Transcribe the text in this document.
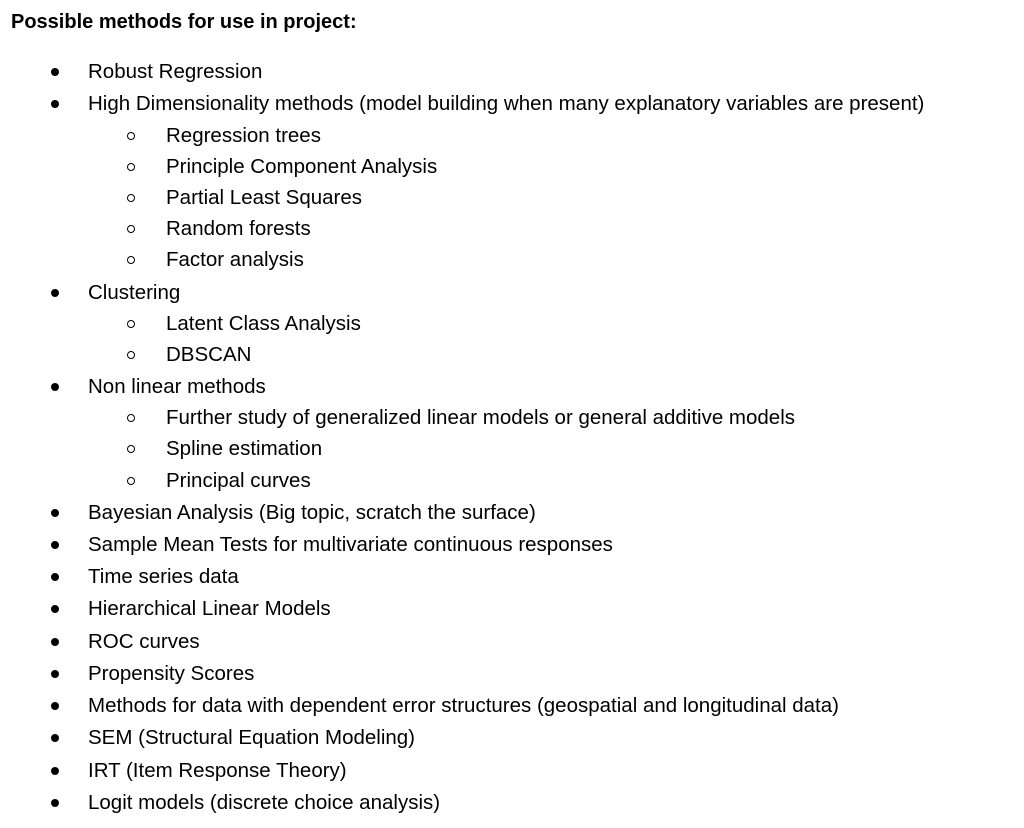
Possible methods for use in project:
Robust Regression
High Dimensionality methods (model building when many explanatory variables are present)
Regression trees
Principle Component Analysis
Partial Least Squares
Random forests
Factor analysis
Clustering
Latent Class Analysis
DBSCAN
Non linear methods
Further study of generalized linear models or general additive models
Spline estimation
Principal curves
Bayesian Analysis (Big topic, scratch the surface)
Sample Mean Tests for multivariate continuous responses
Time series data
Hierarchical Linear Models
ROC curves
Propensity Scores
Methods for data with dependent error structures (geospatial and longitudinal data)
SEM (Structural Equation Modeling)
IRT (Item Response Theory)
Logit models (discrete choice analysis)
